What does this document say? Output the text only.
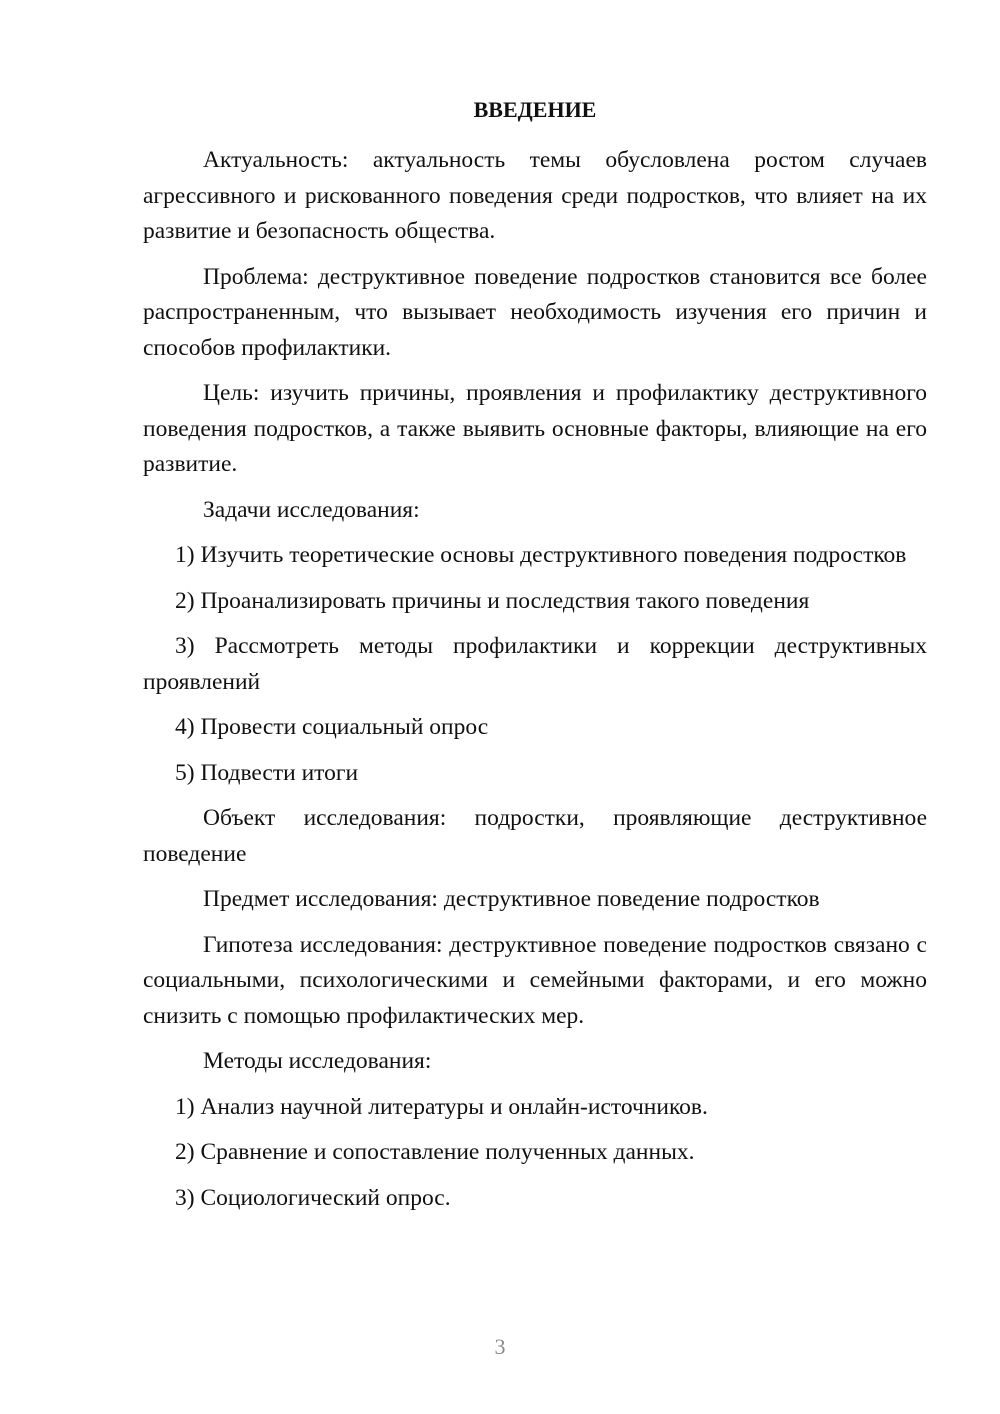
ВВЕДЕНИЕ

Актуальность: актуальность темы обусловлена ростом случаев агрессивного и рискованного поведения среди подростков, что влияет на их развитие и безопасность общества.

Проблема: деструктивное поведение подростков становится все более распространенным, что вызывает необходимость изучения его причин и способов профилактики.

Цель: изучить причины, проявления и профилактику деструктивного поведения подростков, а также выявить основные факторы, влияющие на его развитие.

Задачи исследования:

1) Изучить теоретические основы деструктивного поведения подростков

2) Проанализировать причины и последствия такого поведения

3) Рассмотреть методы профилактики и коррекции деструктивных проявлений

4) Провести социальный опрос

5) Подвести итоги

Объект исследования: подростки, проявляющие деструктивное поведение

Предмет исследования: деструктивное поведение подростков

Гипотеза исследования: деструктивное поведение подростков связано с социальными, психологическими и семейными факторами, и его можно снизить с помощью профилактических мер.

Методы исследования:

1) Анализ научной литературы и онлайн-источников.

2) Сравнение и сопоставление полученных данных.

3) Социологический опрос.

3
